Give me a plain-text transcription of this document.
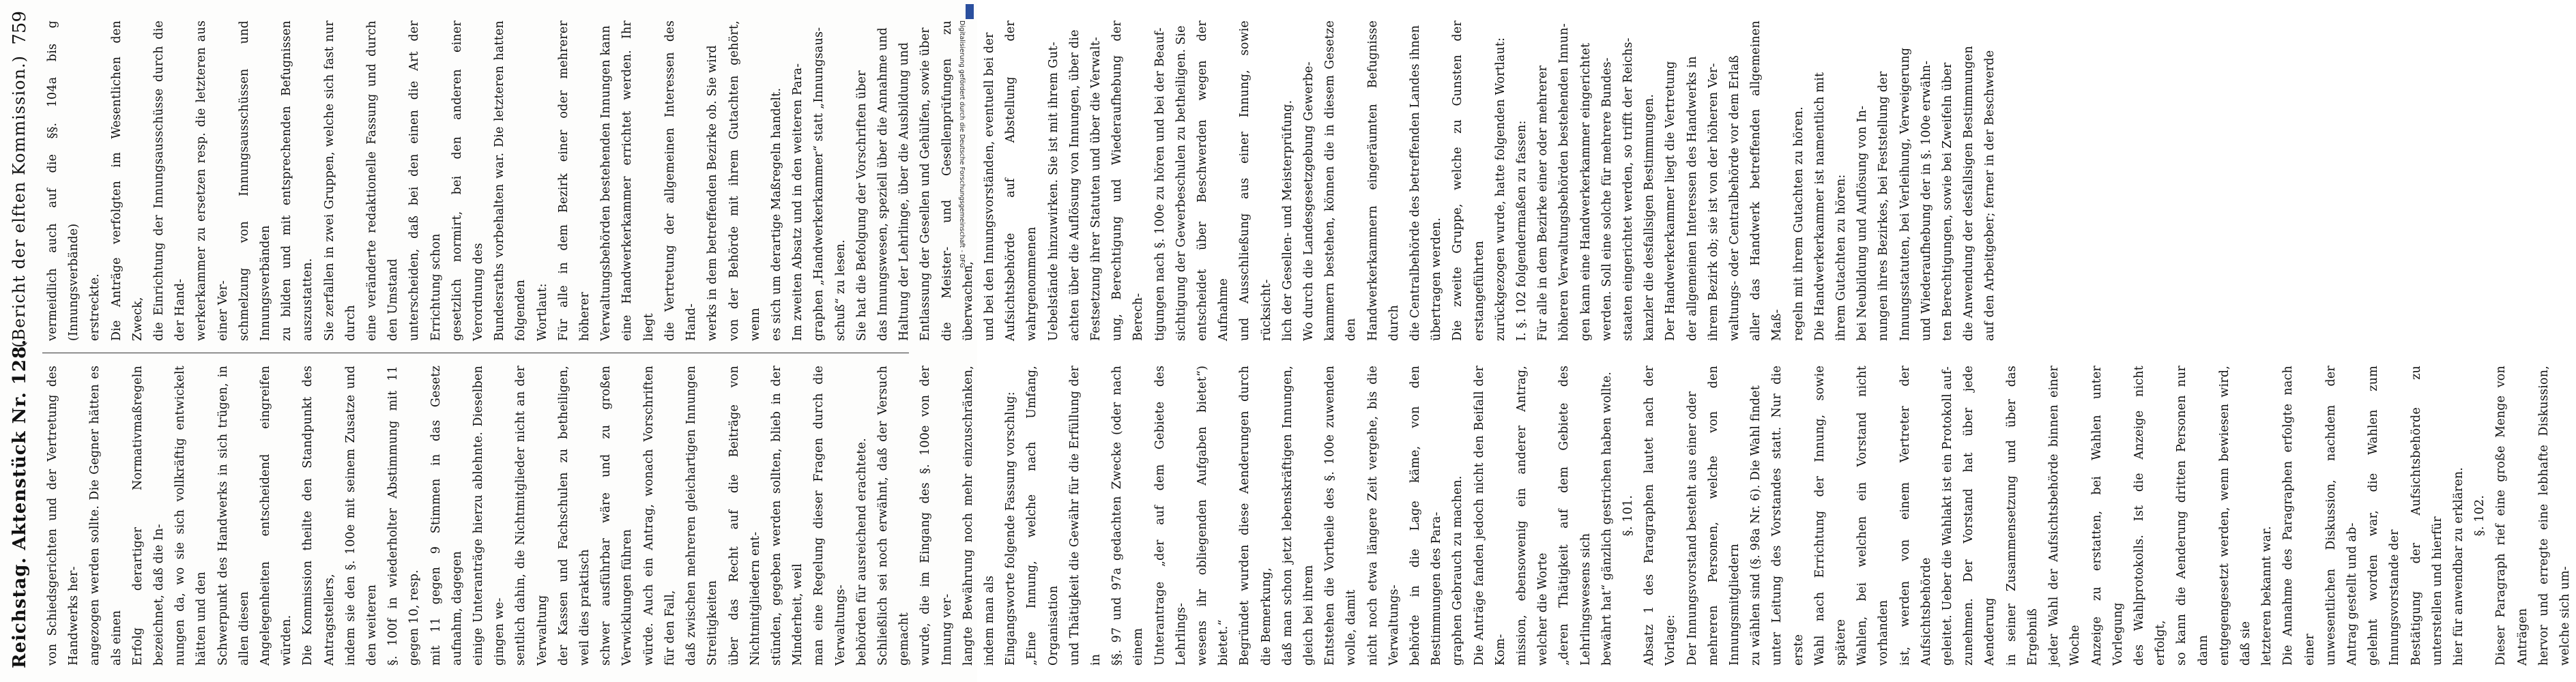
Reichstag. Aktenstück Nr. 128.
(Bericht der elften Kommission.)
759

von Schiedsgerichten und der Vertretung des Handwerks her- angezogen werden sollte. Die Gegner hätten es als einen Erfolg derartiger Normativmaßregeln bezeichnet, daß die In- nungen da, wo sie sich vollkräftig entwickelt hätten und den Schwerpunkt des Handwerks in sich trügen, in allen diesen Angelegenheiten entscheidend eingreifen würden. Die Kommission theilte den Standpunkt des Antragstellers, indem sie den §. 100e mit seinem Zusatze und den weiteren §. 100f in wiederholter Abstimmung mit 11 gegen 10, resp. mit 11 gegen 9 Stimmen in das Gesetz aufnahm, dagegen einige Unteranträge hierzu ablehnte. Dieselben gingen we- sentlich dahin, die Nichtmitglieder nicht an der Verwaltung der Kassen und Fachschulen zu betheiligen, weil dies praktisch schwer ausführbar wäre und zu großen Verwicklungen führen würde. Auch ein Antrag, wonach Vorschriften für den Fall, daß zwischen mehreren gleichartigen Innungen Streitigkeiten über das Recht auf die Beiträge von Nichtmitgliedern ent- stünden, gegeben werden sollten, blieb in der Minderheit, weil man eine Regelung dieser Fragen durch die Verwaltungs- behörden für ausreichend erachtete. Schließlich sei noch erwähnt, daß der Versuch gemacht wurde, die im Eingang des §. 100e von der Innung ver- langte Bewährung noch mehr einzuschränken, indem man als Eingangsworte folgende Fassung vorschlug: „Eine Innung, welche nach Umfang, Organisation und Thätigkeit die Gewähr für die Erfüllung der in §§. 97 und 97a gedachten Zwecke (oder nach einem Unterantrage „der auf dem Gebiete des Lehrlings- wesens ihr obliegenden Aufgaben bietet“) bietet.“ Begründet wurden diese Aenderungen durch die Bemerkung, daß man schon jetzt lebenskräftigen Innungen, gleich bei ihrem Entstehen die Vortheile des §. 100e zuwenden wolle, damit nicht noch etwa längere Zeit vergehe, bis die Verwaltungs- behörde in die Lage käme, von den Bestimmungen des Para- graphen Gebrauch zu machen. Die Anträge fanden jedoch nicht den Beifall der Kom- mission, ebensowenig ein anderer Antrag, welcher die Worte „deren Thätigkeit auf dem Gebiete des Lehrlingswesens sich bewährt hat“ gänzlich gestrichen haben wollte. §. 101. Absatz 1 des Paragraphen lautet nach der Vorlage: Der Innungsvorstand besteht aus einer oder mehreren Personen, welche von den Innungsmitgliedern zu wählen sind (§. 98a Nr. 6). Die Wahl findet unter Leitung des Vorstandes statt. Nur die erste Wahl nach Errichtung der Innung, sowie spätere Wahlen, bei welchen ein Vorstand nicht vorhanden ist, werden von einem Vertreter der Aufsichtsbehörde geleitet. Ueber die Wahlakt ist ein Protokoll auf- zunehmen. Der Vorstand hat über jede Aenderung in seiner Zusammensetzung und über das Ergebniß jeder Wahl der Aufsichtsbehörde binnen einer Woche Anzeige zu erstatten, bei Wahlen unter Vorlegung des Wahlprotokolls. Ist die Anzeige nicht erfolgt, so kann die Aenderung dritten Personen nur dann entgegengesetzt werden, wenn bewiesen wird, daß sie letzteren bekannt war. Die Annahme des Paragraphen erfolgte nach einer unwesentlichen Diskussion, nachdem der Antrag gestellt und ab- gelehnt worden war, die Wahlen zum Innungsvorstande der Bestätigung der Aufsichtsbehörde zu unterstellen und hierfür hier für anwendbar zu erklären. §. 102. Dieser Paragraph rief eine große Menge von Anträgen hervor und erregte eine lebhafte Diskussion, welche sich um-

vermeidlich auch auf die §§. 104a bis g (Innungsverbände) erstreckte. Die Anträge verfolgten im Wesentlichen den Zweck, die Einrichtung der Innungsausschüsse durch die der Hand- werkerkammer zu ersetzen resp. die letzteren aus einer Ver- schmelzung von Innungsausschüssen und Innungsverbänden zu bilden und mit entsprechenden Befugnissen auszustatten. Sie zerfallen in zwei Gruppen, welche sich fast nur durch eine veränderte redaktionelle Fassung und durch den Umstand unterscheiden, daß bei den einen die Art der Errichtung schon gesetzlich normirt, bei den anderen einer Verordnung des Bundesraths vorbehalten war. Die letzteren hatten folgenden Wortlaut: Für alle in dem Bezirk einer oder mehrerer höherer Verwaltungsbehörden bestehenden Innungen kann eine Handwerkerkammer errichtet werden. Ihr liegt die Vertretung der allgemeinen Interessen des Hand- werks in dem betreffenden Bezirke ob. Sie wird von der Behörde mit ihrem Gutachten gehört, wenn es sich um derartige Maßregeln handelt. Im zweiten Absatz und in den weiteren Para- graphen „Handwerkerkammer“ statt „Innungsaus- schuß“ zu lesen. Sie hat die Befolgung der Vorschriften über das Innungswesen, speziell über die Annahme und Haltung der Lehrlinge, über die Ausbildung und Entlassung der Gesellen und Gehülfen, sowie über die Meister- und Gesellenprüfungen zu überwachen, und bei den Innungsvorständen, eventuell bei der Aufsichtsbehörde auf Abstellung der wahrgenommenen Uebelstände hinzuwirken. Sie ist mit ihrem Gut- achten über die Auflösung von Innungen, über die Festsetzung ihrer Statuten und über die Verwalt- ung, Berechtigung und Wiederaufhebung der Berech- tigungen nach §. 100e zu hören und bei der Beauf- sichtigung der Gewerbeschulen zu betheiligen. Sie entscheidet über Beschwerden wegen der Aufnahme und Ausschließung aus einer Innung, sowie rücksicht- lich der Gesellen- und Meisterprüfung. Wo durch die Landesgesetzgebung Gewerbe- kammern bestehen, können die in diesem Gesetze den Handwerkerkammern eingeräumten Befugnisse durch die Centralbehörde des betreffenden Landes ihnen übertragen werden. Die zweite Gruppe, welche zu Gunsten der erstangeführten zurückgezogen wurde, hatte folgenden Wortlaut: I. §. 102 folgendermaßen zu fassen: Für alle in dem Bezirke einer oder mehrerer höheren Verwaltungsbehörden bestehenden Innun- gen kann eine Handwerkerkammer eingerichtet werden. Soll eine solche für mehrere Bundes- staaten eingerichtet werden, so trifft der Reichs- kanzler die desfallsigen Bestimmungen. Der Handwerkerkammer liegt die Vertretung der allgemeinen Interessen des Handwerks in ihrem Bezirk ob; sie ist von der höheren Ver- waltungs- oder Centralbehörde vor dem Erlaß aller das Handwerk betreffenden allgemeinen Maß- regeln mit ihrem Gutachten zu hören. Die Handwerkerkammer ist namentlich mit ihrem Gutachten zu hören: bei Neubildung und Auflösung von In- nungen ihres Bezirkes, bei Feststellung der Innungsstatuten, bei Verleihung, Verweigerung und Wiederaufhebung der in §. 100e erwähn- ten Berechtigungen, sowie bei Zweifeln über die Anwendung der desfallsigen Bestimmungen auf den Arbeitgeber; ferner in der Beschwerde

Digitalisierung gefördert durch die Deutsche Forschungsgemeinschaft - DFG
